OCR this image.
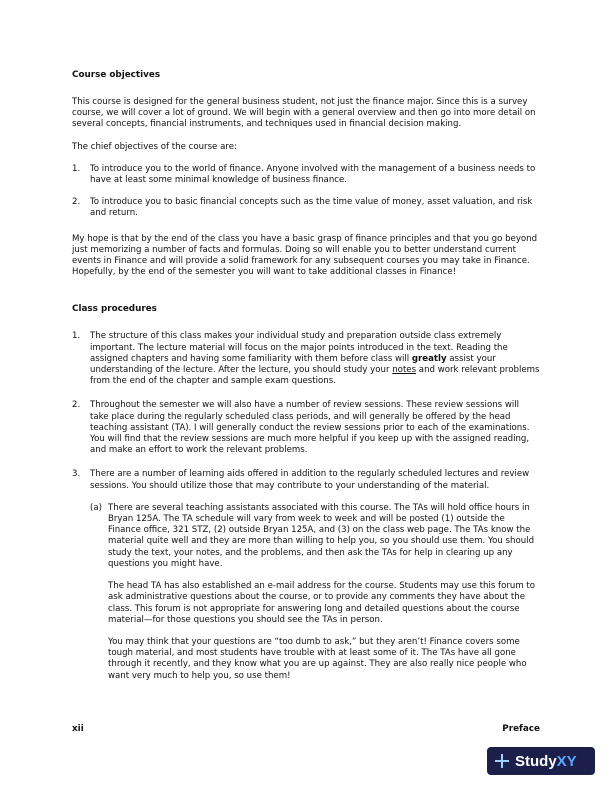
Course objectives

This course is designed for the general business student, not just the finance major. Since this is a survey course, we will cover a lot of ground. We will begin with a general overview and then go into more detail on several concepts, financial instruments, and techniques used in financial decision making.

The chief objectives of the course are:

1. To introduce you to the world of finance. Anyone involved with the management of a business needs to have at least some minimal knowledge of business finance.
2. To introduce you to basic financial concepts such as the time value of money, asset valuation, and risk and return.

My hope is that by the end of the class you have a basic grasp of finance principles and that you go beyond just memorizing a number of facts and formulas. Doing so will enable you to better understand current events in Finance and will provide a solid framework for any subsequent courses you may take in Finance. Hopefully, by the end of the semester you will want to take additional classes in Finance!

Class procedures
1. The structure of this class makes your individual study and preparation outside class extremely important. The lecture material will focus on the major points introduced in the text. Reading the assigned chapters and having some familiarity with them before class will greatly assist your understanding of the lecture. After the lecture, you should study your notes and work relevant problems from the end of the chapter and sample exam questions.
2. Throughout the semester we will also have a number of review sessions. These review sessions will take place during the regularly scheduled class periods, and will generally be offered by the head teaching assistant (TA). I will generally conduct the review sessions prior to each of the examinations. You will find that the review sessions are much more helpful if you keep up with the assigned reading, and make an effort to work the relevant problems.
3. There are a number of learning aids offered in addition to the regularly scheduled lectures and review sessions. You should utilize those that may contribute to your understanding of the material.
(a) There are several teaching assistants associated with this course. The TAs will hold office hours in Bryan 125A. The TA schedule will vary from week to week and will be posted (1) outside the Finance office, 321 STZ, (2) outside Bryan 125A, and (3) on the class web page. The TAs know the material quite well and they are more than willing to help you, so you should use them. You should study the text, your notes, and the problems, and then ask the TAs for help in clearing up any questions you might have.

The head TA has also established an e-mail address for the course. Students may use this forum to ask administrative questions about the course, or to provide any comments they have about the class. This forum is not appropriate for answering long and detailed questions about the course material—for those questions you should see the TAs in person.

You may think that your questions are “too dumb to ask,” but they aren’t! Finance covers some tough material, and most students have trouble with at least some of it. The TAs have all gone through it recently, and they know what you are up against. They are also really nice people who want very much to help you, so use them!

xii	Preface
Study XY
